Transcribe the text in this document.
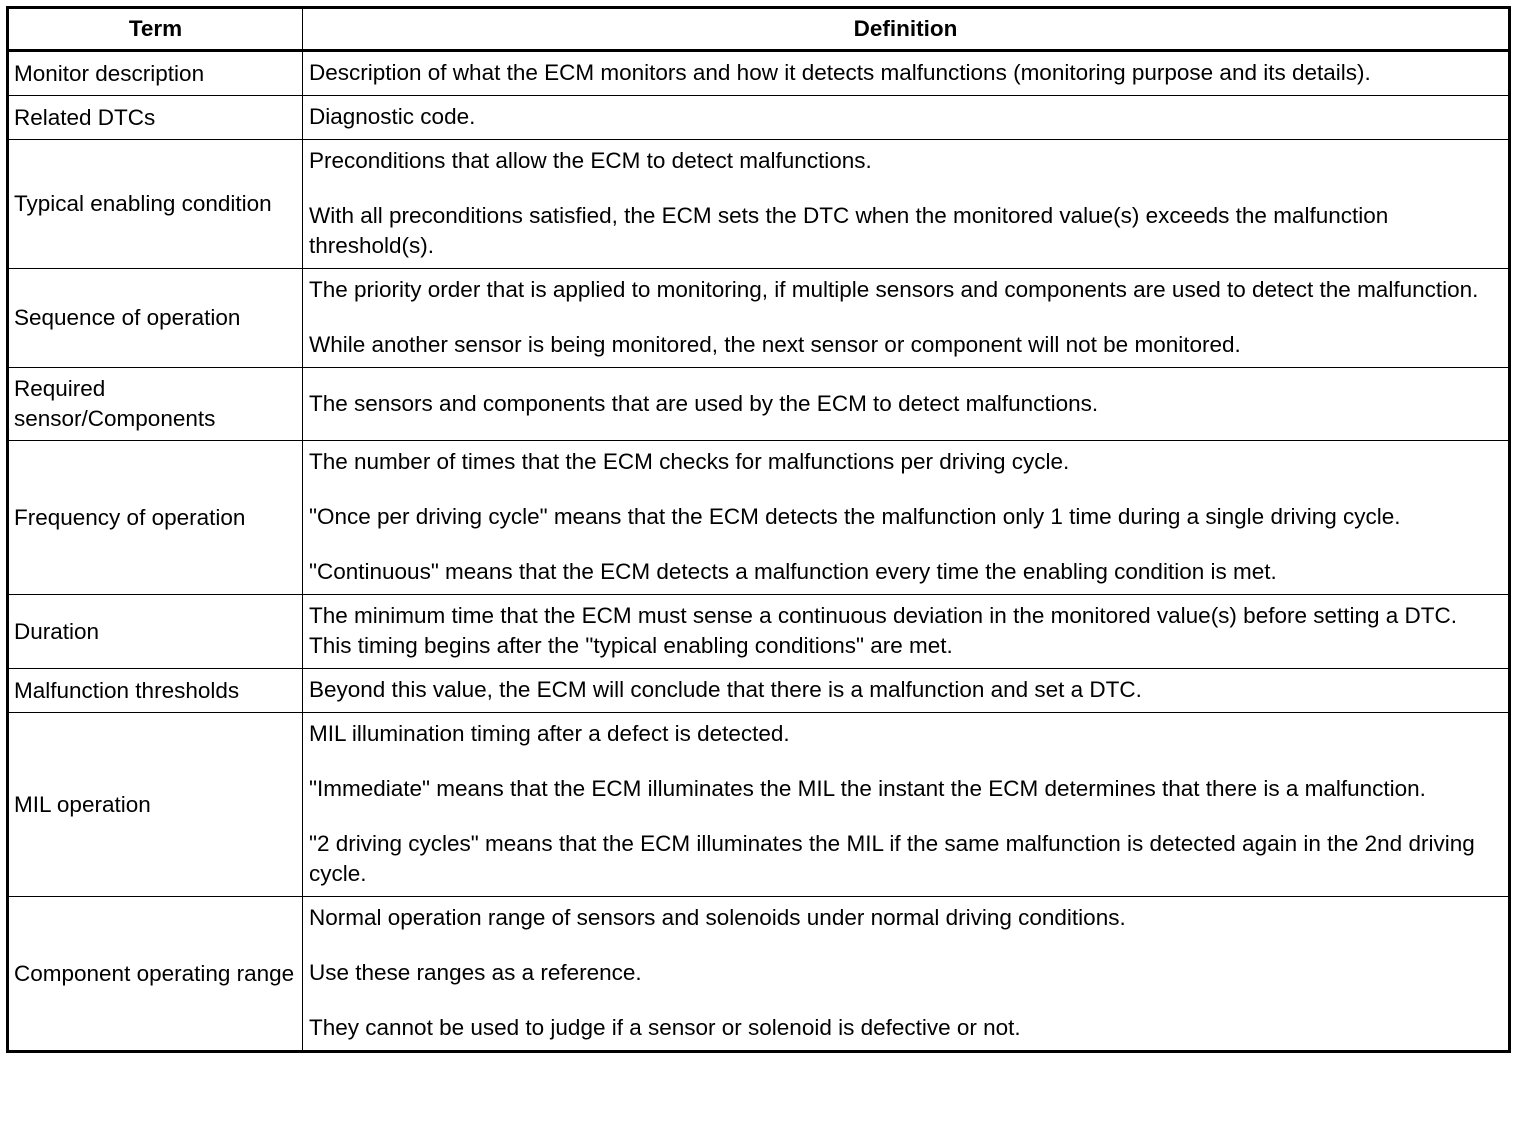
Term	Definition
Monitor description	Description of what the ECM monitors and how it detects malfunctions (monitoring purpose and its details).

Related DTCs	Diagnostic code.

Typical enabling condition	Preconditions that allow the ECM to detect malfunctions.

With all preconditions satisfied, the ECM sets the DTC when the monitored value(s) exceeds the malfunction threshold(s).

Sequence of operation	The priority order that is applied to monitoring, if multiple sensors and components are used to detect the malfunction.

While another sensor is being monitored, the next sensor or component will not be monitored.

Required sensor/Components	The sensors and components that are used by the ECM to detect malfunctions.

Frequency of operation	The number of times that the ECM checks for malfunctions per driving cycle.

"Once per driving cycle" means that the ECM detects the malfunction only 1 time during a single driving cycle.

"Continuous" means that the ECM detects a malfunction every time the enabling condition is met.

Duration	The minimum time that the ECM must sense a continuous deviation in the monitored value(s) before setting a DTC. This timing begins after the "typical enabling conditions" are met.

Malfunction thresholds	Beyond this value, the ECM will conclude that there is a malfunction and set a DTC.

MIL operation	MIL illumination timing after a defect is detected.

"Immediate" means that the ECM illuminates the MIL the instant the ECM determines that there is a malfunction.

"2 driving cycles" means that the ECM illuminates the MIL if the same malfunction is detected again in the 2nd driving cycle.

Component operating range	Normal operation range of sensors and solenoids under normal driving conditions.

Use these ranges as a reference.

They cannot be used to judge if a sensor or solenoid is defective or not.
